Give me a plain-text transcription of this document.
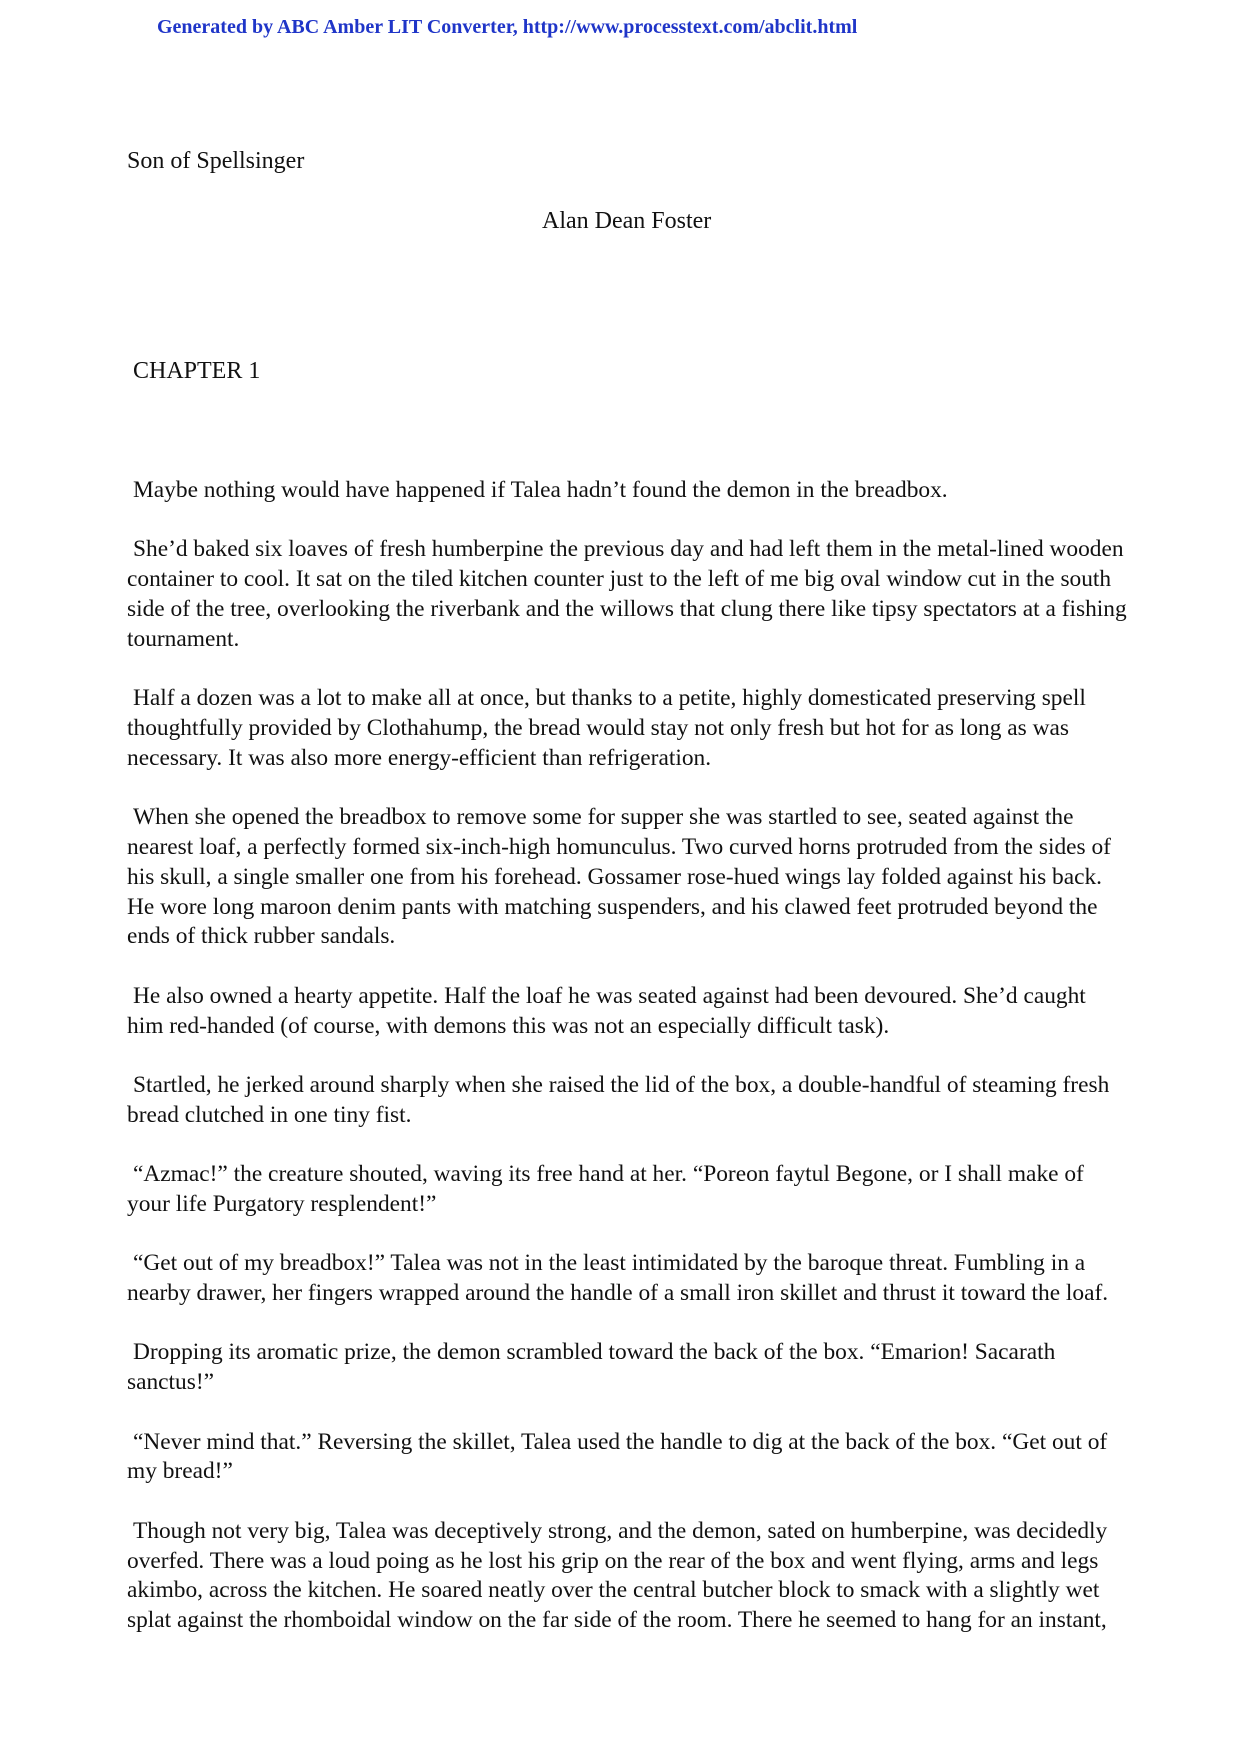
Generated by ABC Amber LIT Converter, http://www.processtext.com/abclit.html
Son of Spellsinger
Alan Dean Foster
CHAPTER 1

Maybe nothing would have happened if Talea hadn’t found the demon in the breadbox.

She’d baked six loaves of fresh humberpine the previous day and had left them in the metal-lined wooden container to cool. It sat on the tiled kitchen counter just to the left of me big oval window cut in the south side of the tree, overlooking the riverbank and the willows that clung there like tipsy spectators at a fishing tournament.

Half a dozen was a lot to make all at once, but thanks to a petite, highly domesticated preserving spell thoughtfully provided by Clothahump, the bread would stay not only fresh but hot for as long as was necessary. It was also more energy-efficient than refrigeration.

When she opened the breadbox to remove some for supper she was startled to see, seated against the nearest loaf, a perfectly formed six-inch-high homunculus. Two curved horns protruded from the sides of his skull, a single smaller one from his forehead. Gossamer rose-hued wings lay folded against his back. He wore long maroon denim pants with matching suspenders, and his clawed feet protruded beyond the ends of thick rubber sandals.

He also owned a hearty appetite. Half the loaf he was seated against had been devoured. She’d caught him red-handed (of course, with demons this was not an especially difficult task).

Startled, he jerked around sharply when she raised the lid of the box, a double-handful of steaming fresh bread clutched in one tiny fist.

“Azmac!” the creature shouted, waving its free hand at her. “Poreon faytul Begone, or I shall make of your life Purgatory resplendent!”

“Get out of my breadbox!” Talea was not in the least intimidated by the baroque threat. Fumbling in a nearby drawer, her fingers wrapped around the handle of a small iron skillet and thrust it toward the loaf.

Dropping its aromatic prize, the demon scrambled toward the back of the box. “Emarion! Sacarath sanctus!”

“Never mind that.” Reversing the skillet, Talea used the handle to dig at the back of the box. “Get out of my bread!”

Though not very big, Talea was deceptively strong, and the demon, sated on humberpine, was decidedly overfed. There was a loud poing as he lost his grip on the rear of the box and went flying, arms and legs akimbo, across the kitchen. He soared neatly over the central butcher block to smack with a slightly wet splat against the rhomboidal window on the far side of the room. There he seemed to hang for an instant,
